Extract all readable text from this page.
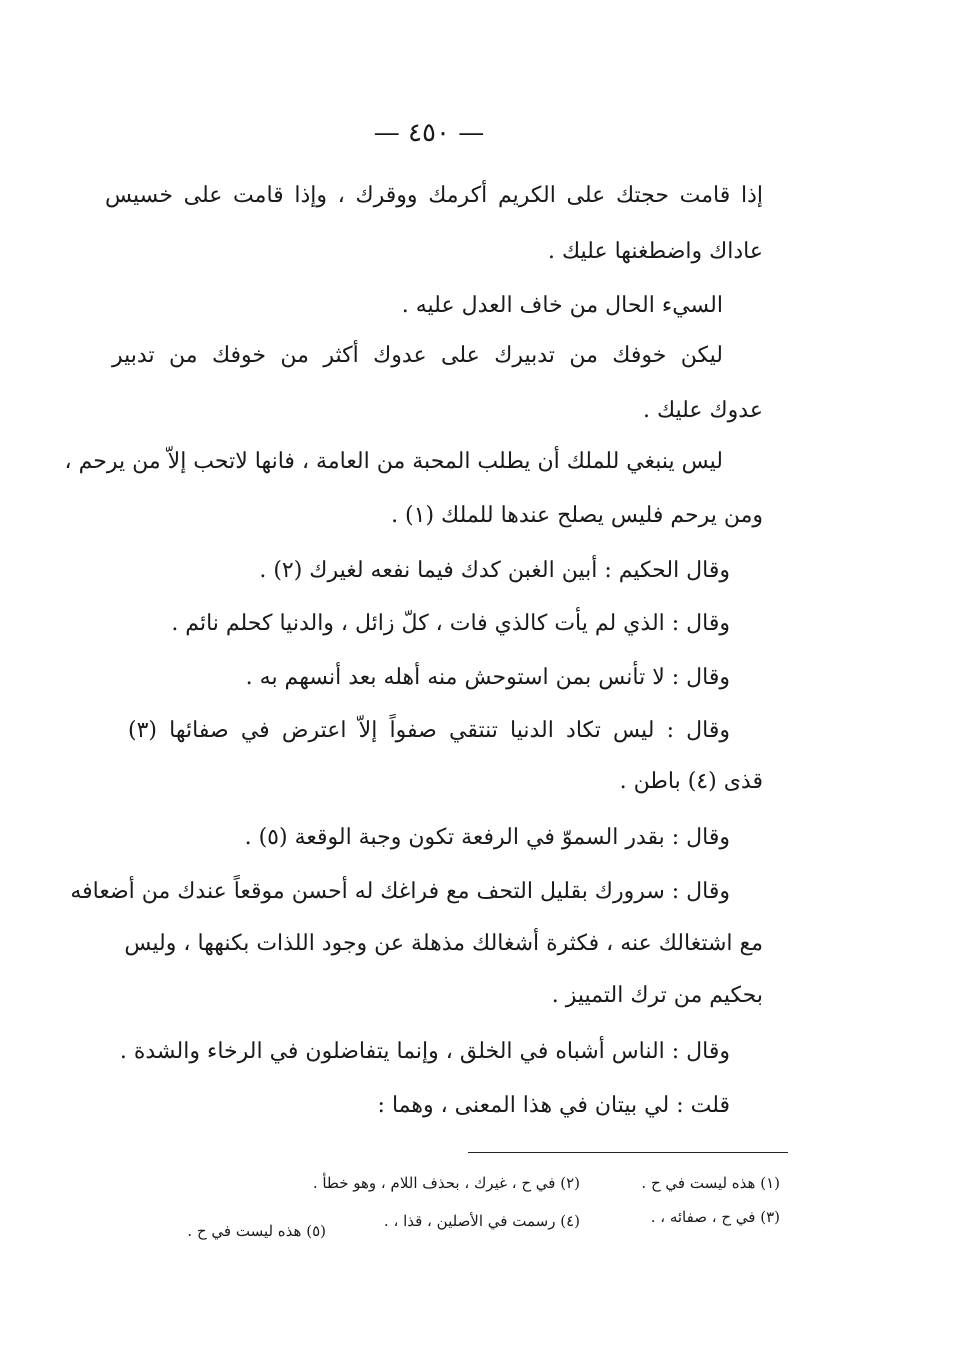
— ٤٥٠ —
إذا قامت حجتك على الكريم أكرمك ووقرك ، وإذا قامت على خسيس
عاداك واضطغنها عليك .
السيء الحال من خاف العدل عليه .
ليكن خوفك من تدبيرك على عدوك أكثر من خوفك من تدبير
عدوك عليك .
ليس ينبغي للملك أن يطلب المحبة من العامة ، فانها لاتحب إلاّ من يرحم ،
ومن يرحم فليس يصلح عندها للملك (١) .
وقال الحكيم : أبين الغبن كدك فيما نفعه لغيرك (٢) .
وقال : الذي لم يأت كالذي فات ، كلّ زائل ، والدنيا كحلم نائم .
وقال : لا تأنس بمن استوحش منه أهله بعد أنسهم به .
وقال : ليس تكاد الدنيا تنتقي صفواً إلاّ اعترض في صفائها (٣)
قذى (٤) باطن .
وقال : بقدر السموّ في الرفعة تكون وجبة الوقعة (٥) .
وقال : سرورك بقليل التحف مع فراغك له أحسن موقعاً عندك من أضعافه
مع اشتغالك عنه ، فكثرة أشغالك مذهلة عن وجود اللذات بكنهها ، وليس
بحكيم من ترك التمييز .
وقال : الناس أشباه في الخلق ، وإنما يتفاضلون في الرخاء والشدة .
قلت : لي بيتان في هذا المعنى ، وهما :
(١) هذه ليست في ح .
(٢) في ح ، غيرك ، بحذف اللام ، وهو خطأ .
(٣) في ح ، صفائه ، .
(٤) رسمت في الأصلين ، قذا ، .
(٥) هذه ليست في ح .
